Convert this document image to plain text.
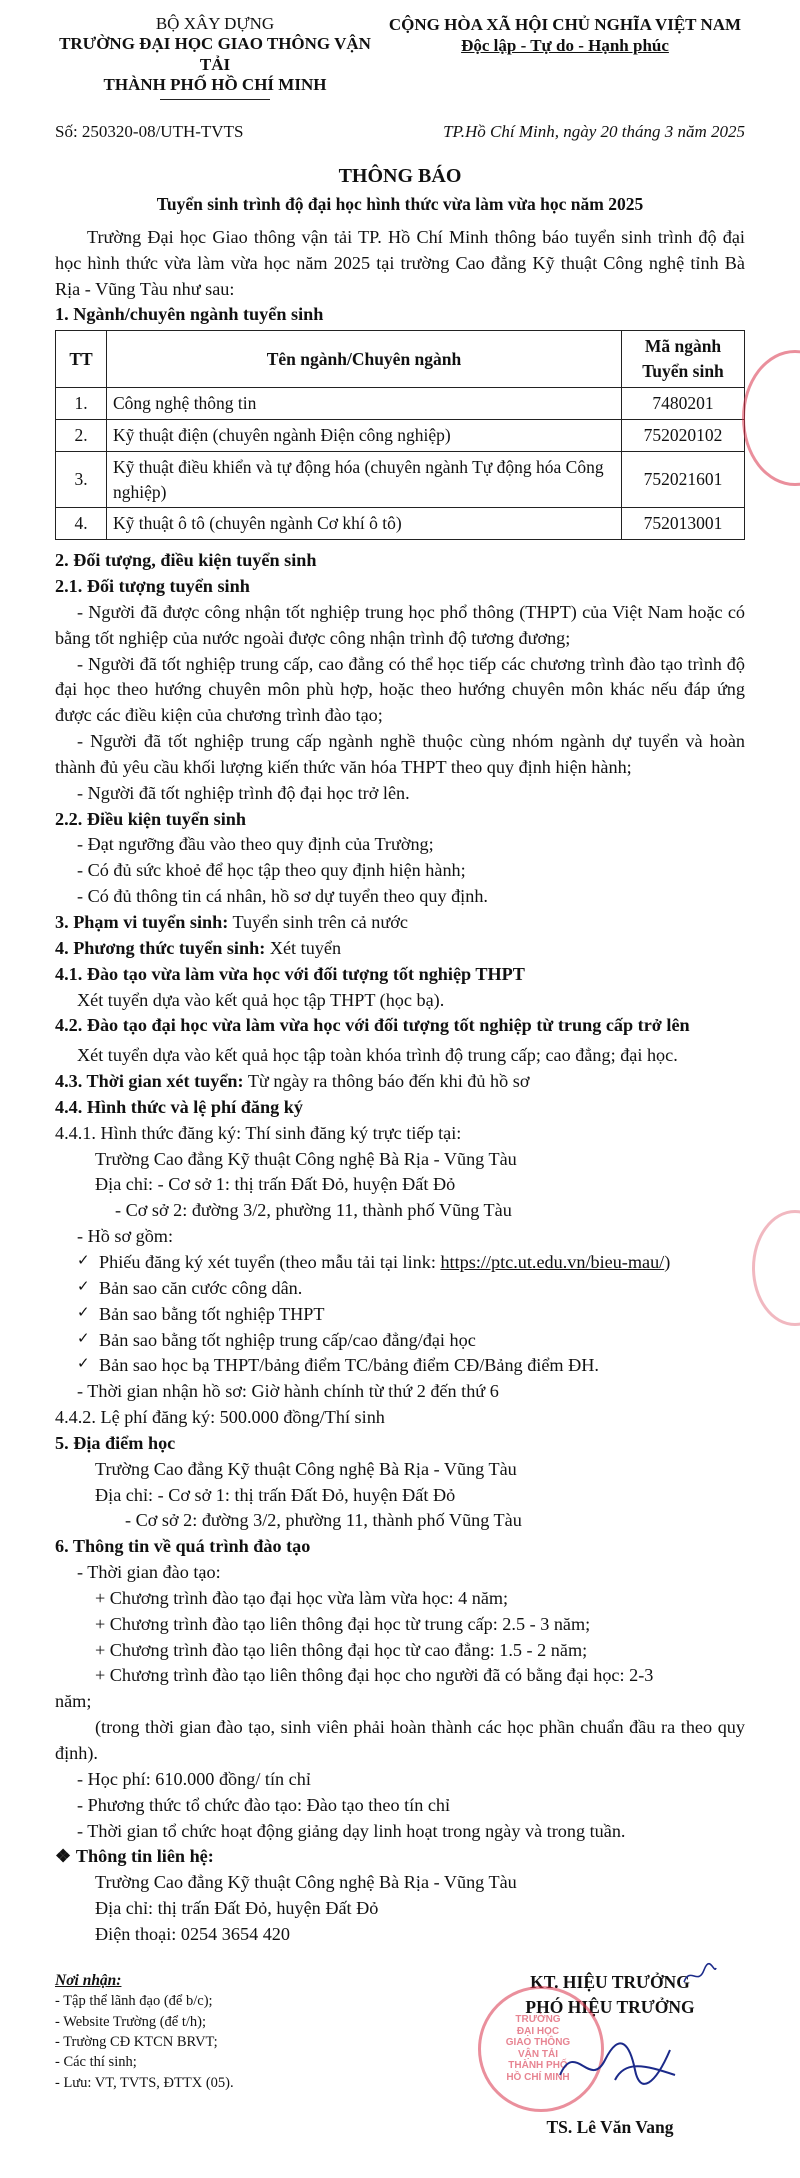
BỘ XÂY DỰNG
TRƯỜNG ĐẠI HỌC GIAO THÔNG VẬN TẢI
THÀNH PHỐ HỒ CHÍ MINH
CỘNG HÒA XÃ HỘI CHỦ NGHĨA VIỆT NAM
Độc lập - Tự do - Hạnh phúc
Số: 250320-08/UTH-TVTS	TP.Hồ Chí Minh, ngày 20 tháng 3 năm 2025
THÔNG BÁO
Tuyển sinh trình độ đại học hình thức vừa làm vừa học năm 2025

Trường Đại học Giao thông vận tải TP. Hồ Chí Minh thông báo tuyển sinh trình độ đại học hình thức vừa làm vừa học năm 2025 tại trường Cao đẳng Kỹ thuật Công nghệ tỉnh Bà Rịa - Vũng Tàu như sau:

1. Ngành/chuyên ngành tuyển sinh

TT	Tên ngành/Chuyên ngành	Mã ngành Tuyển sinh
1.	Công nghệ thông tin	7480201
2.	Kỹ thuật điện (chuyên ngành Điện công nghiệp)	752020102
3.	Kỹ thuật điều khiển và tự động hóa (chuyên ngành Tự động hóa Công nghiệp)	752021601
4.	Kỹ thuật ô tô (chuyên ngành Cơ khí ô tô)	752013001

2. Đối tượng, điều kiện tuyển sinh

2.1. Đối tượng tuyển sinh

- Người đã được công nhận tốt nghiệp trung học phổ thông (THPT) của Việt Nam hoặc có bằng tốt nghiệp của nước ngoài được công nhận trình độ tương đương;

- Người đã tốt nghiệp trung cấp, cao đẳng có thể học tiếp các chương trình đào tạo trình độ đại học theo hướng chuyên môn phù hợp, hoặc theo hướng chuyên môn khác nếu đáp ứng được các điều kiện của chương trình đào tạo;

- Người đã tốt nghiệp trung cấp ngành nghề thuộc cùng nhóm ngành dự tuyển và hoàn thành đủ yêu cầu khối lượng kiến thức văn hóa THPT theo quy định hiện hành;

- Người đã tốt nghiệp trình độ đại học trở lên.

2.2. Điều kiện tuyển sinh

- Đạt ngưỡng đầu vào theo quy định của Trường;

- Có đủ sức khoẻ để học tập theo quy định hiện hành;

- Có đủ thông tin cá nhân, hồ sơ dự tuyển theo quy định.

3. Phạm vi tuyển sinh: Tuyển sinh trên cả nước

4. Phương thức tuyển sinh: Xét tuyển

4.1. Đào tạo vừa làm vừa học với đối tượng tốt nghiệp THPT

Xét tuyển dựa vào kết quả học tập THPT (học bạ).

4.2. Đào tạo đại học vừa làm vừa học với đối tượng tốt nghiệp từ trung cấp trở lên

Xét tuyển dựa vào kết quả học tập toàn khóa trình độ trung cấp; cao đẳng; đại học.

4.3. Thời gian xét tuyển: Từ ngày ra thông báo đến khi đủ hồ sơ

4.4. Hình thức và lệ phí đăng ký

4.4.1. Hình thức đăng ký: Thí sinh đăng ký trực tiếp tại:

Trường Cao đẳng Kỹ thuật Công nghệ Bà Rịa - Vũng Tàu

Địa chỉ: - Cơ sở 1: thị trấn Đất Đỏ, huyện Đất Đỏ

- Cơ sở 2: đường 3/2, phường 11, thành phố Vũng Tàu

- Hồ sơ gồm:

✓ Phiếu đăng ký xét tuyển (theo mẫu tải tại link: https://ptc.ut.edu.vn/bieu-mau/)
✓ Bản sao căn cước công dân.
✓ Bản sao bằng tốt nghiệp THPT
✓ Bản sao bằng tốt nghiệp trung cấp/cao đẳng/đại học
✓ Bản sao học bạ THPT/bảng điểm TC/bảng điểm CĐ/Bảng điểm ĐH.

- Thời gian nhận hồ sơ: Giờ hành chính từ thứ 2 đến thứ 6

4.4.2. Lệ phí đăng ký: 500.000 đồng/Thí sinh

5. Địa điểm học

Trường Cao đẳng Kỹ thuật Công nghệ Bà Rịa - Vũng Tàu

Địa chỉ: - Cơ sở 1: thị trấn Đất Đỏ, huyện Đất Đỏ

- Cơ sở 2: đường 3/2, phường 11, thành phố Vũng Tàu

6. Thông tin về quá trình đào tạo

- Thời gian đào tạo:

+ Chương trình đào tạo đại học vừa làm vừa học: 4 năm;

+ Chương trình đào tạo liên thông đại học từ trung cấp: 2.5 - 3 năm;

+ Chương trình đào tạo liên thông đại học từ cao đẳng: 1.5 - 2 năm;

+ Chương trình đào tạo liên thông đại học cho người đã có bằng đại học: 2-3

năm;

(trong thời gian đào tạo, sinh viên phải hoàn thành các học phần chuẩn đầu ra theo quy định).

- Học phí: 610.000 đồng/ tín chỉ

- Phương thức tổ chức đào tạo: Đào tạo theo tín chỉ

- Thời gian tổ chức hoạt động giảng dạy linh hoạt trong ngày và trong tuần.

❖ Thông tin liên hệ:

Trường Cao đẳng Kỹ thuật Công nghệ Bà Rịa - Vũng Tàu

Địa chỉ: thị trấn Đất Đỏ, huyện Đất Đỏ

Điện thoại: 0254 3654 420

Nơi nhận:
- Tập thể lãnh đạo (để b/c);
- Website Trường (để t/h);
- Trường CĐ KTCN BRVT;
- Các thí sinh;
- Lưu: VT, TVTS, ĐTTX (05).
KT. HIỆU TRƯỞNG
PHÓ HIỆU TRƯỞNG
TS. Lê Văn Vang
TRƯỜNG
ĐẠI HỌC
GIAO THÔNG VẬN TẢI
THÀNH PHỐ
HỒ CHÍ MINH
